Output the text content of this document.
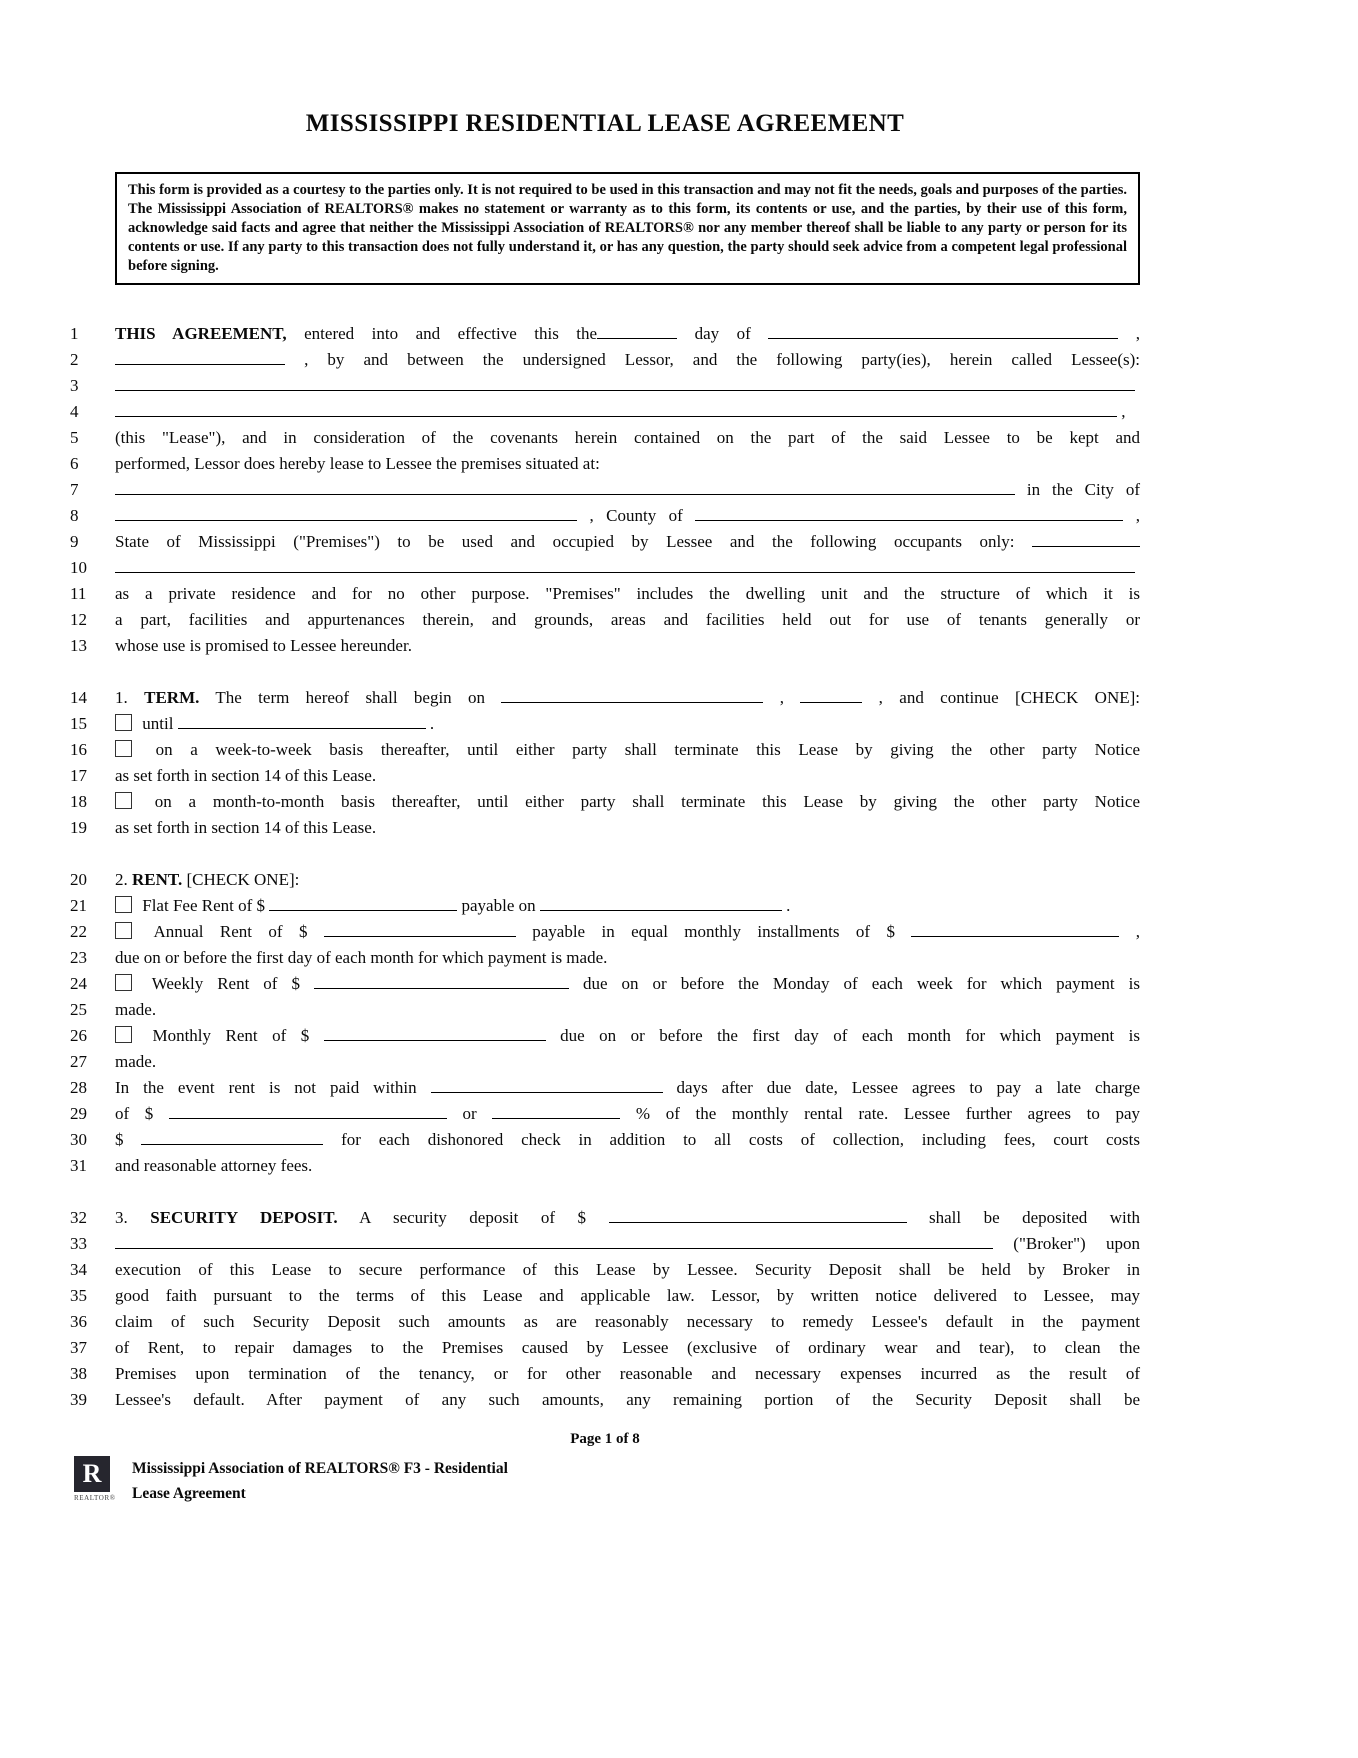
MISSISSIPPI RESIDENTIAL LEASE AGREEMENT
This form is provided as a courtesy to the parties only. It is not required to be used in this transaction and may not fit the needs, goals and purposes of the parties. The Mississippi Association of REALTORS® makes no statement or warranty as to this form, its contents or use, and the parties, by their use of this form, acknowledge said facts and agree that neither the Mississippi Association of REALTORS® nor any member thereof shall be liable to any party or person for its contents or use. If any party to this transaction does not fully understand it, or has any question, the party should seek advice from a competent legal professional before signing.
1	THIS AGREEMENT, entered into and effective this the	day of	,
2	, by and between the undersigned Lessor, and the following party(ies), herein called Lessee(s):
3
4	,
5	(this "Lease"), and in consideration of the covenants herein contained on the part of the said Lessee to be kept and
6	performed, Lessor does hereby lease to Lessee the premises situated at:
7	in the City of
8	, County of	,
9	State of Mississippi ("Premises") to be used and occupied by Lessee and the following occupants only:
10
11	as a private residence and for no other purpose. "Premises" includes the dwelling unit and the structure of which it is
12	a part, facilities and appurtenances therein, and grounds, areas and facilities held out for use of tenants generally or
13	whose use is promised to Lessee hereunder.
14	1. TERM. The term hereof shall begin on	,	, and continue [CHECK ONE]:
15	until	.
16	on a week-to-week basis thereafter, until either party shall terminate this Lease by giving the other party Notice
17	as set forth in section 14 of this Lease.
18	on a month-to-month basis thereafter, until either party shall terminate this Lease by giving the other party Notice
19	as set forth in section 14 of this Lease.
20	2. RENT. [CHECK ONE]:
21	Flat Fee Rent of $	payable on	.
22	Annual Rent of $	payable in equal monthly installments of $	,
23	due on or before the first day of each month for which payment is made.
24	Weekly Rent of $	due on or before the Monday of each week for which payment is
25	made.
26	Monthly Rent of $	due on or before the first day of each month for which payment is
27	made.
28	In the event rent is not paid within	days after due date, Lessee agrees to pay a late charge
29	of $	or	% of the monthly rental rate. Lessee further agrees to pay
30	$	for each dishonored check in addition to all costs of collection, including fees, court costs
31	and reasonable attorney fees.
32	3. SECURITY DEPOSIT. A security deposit of $	shall be deposited with
33	("Broker") upon
34	execution of this Lease to secure performance of this Lease by Lessee. Security Deposit shall be held by Broker in
35	good faith pursuant to the terms of this Lease and applicable law. Lessor, by written notice delivered to Lessee, may
36	claim of such Security Deposit such amounts as are reasonably necessary to remedy Lessee's default in the payment
37	of Rent, to repair damages to the Premises caused by Lessee (exclusive of ordinary wear and tear), to clean the
38	Premises upon termination of the tenancy, or for other reasonable and necessary expenses incurred as the result of
39	Lessee's default. After payment of any such amounts, any remaining portion of the Security Deposit shall be
Page 1 of 8
R
REALTOR®
Mississippi Association of REALTORS® F3 - Residential
Lease Agreement
